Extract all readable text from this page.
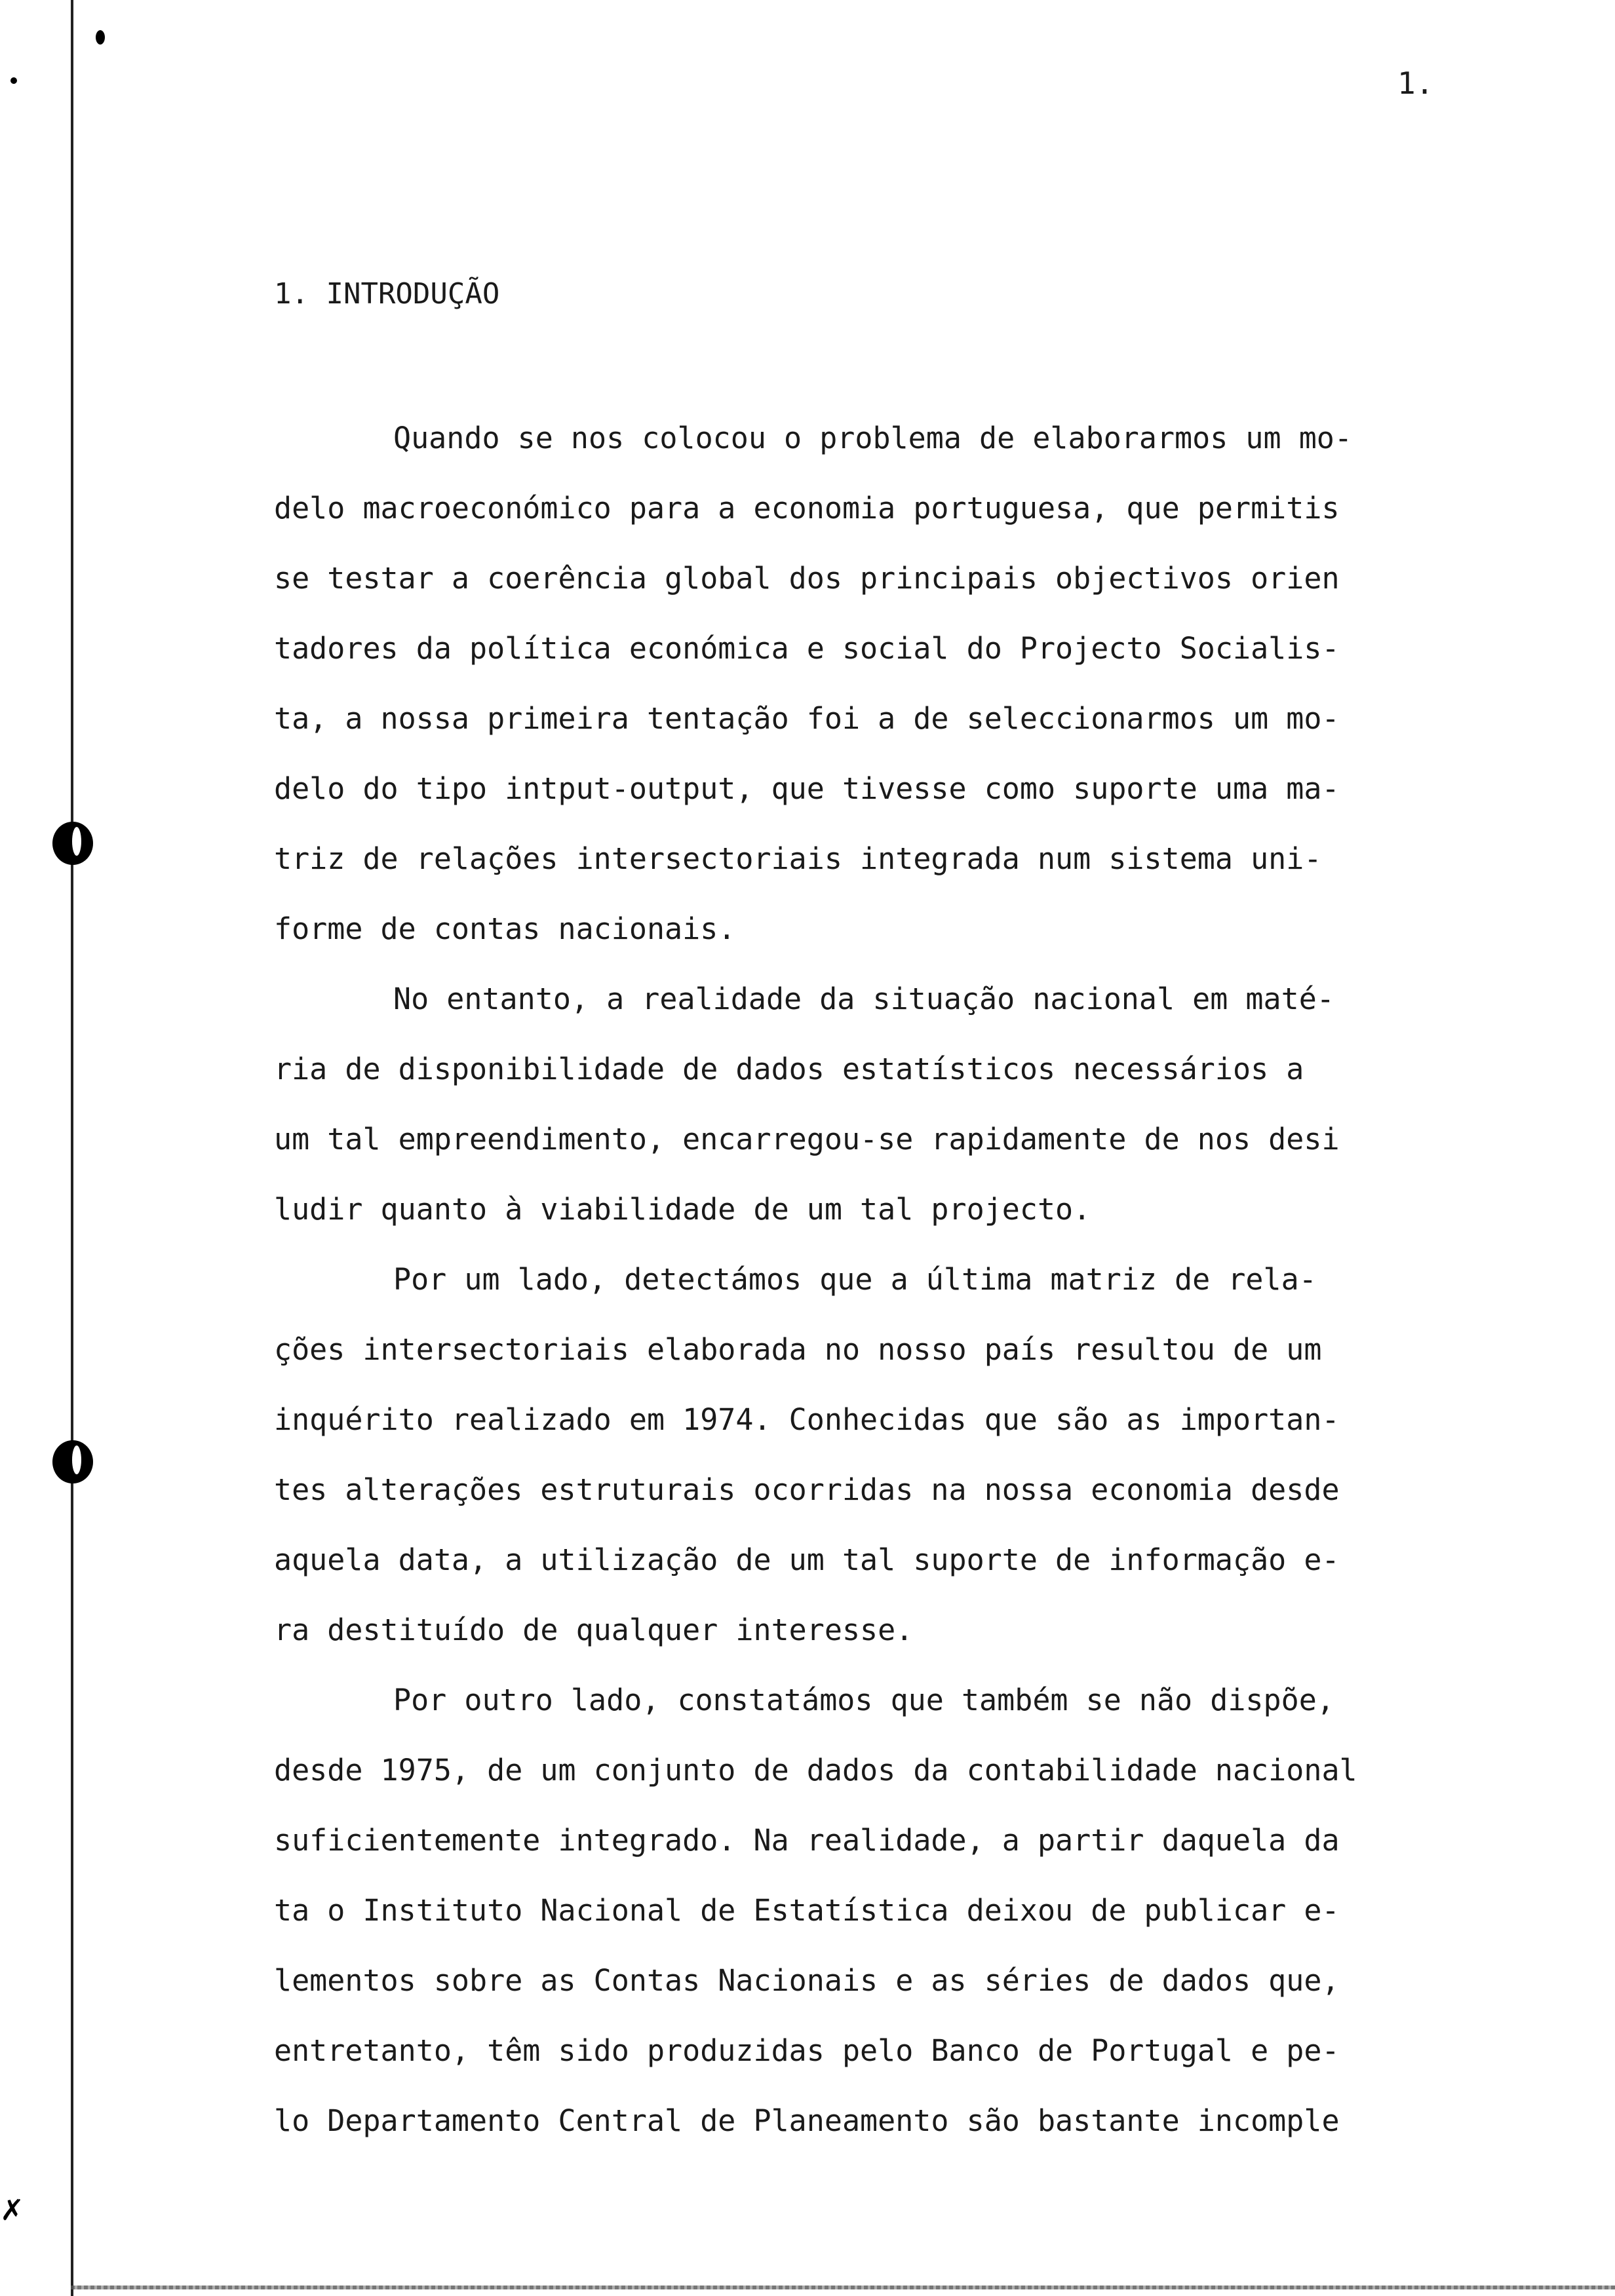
✗
1.
1. INTRODUÇÃO
Quando se nos colocou o problema de elaborarmos um mo-
delo macroeconómico para a economia portuguesa, que permitis
se testar a coerência global dos principais objectivos orien
tadores da política económica e social do Projecto Socialis-
ta, a nossa primeira tentação foi a de seleccionarmos um mo-
delo do tipo intput-output, que tivesse como suporte uma ma-
triz de relações intersectoriais integrada num sistema uni-
forme de contas nacionais.
No entanto, a realidade da situação nacional em maté-
ria de disponibilidade de dados estatísticos necessários a
um tal empreendimento, encarregou-se rapidamente de nos desi
ludir quanto à viabilidade de um tal projecto.
Por um lado, detectámos que a última matriz de rela-
ções intersectoriais elaborada no nosso país resultou de um
inquérito realizado em 1974. Conhecidas que são as importan-
tes alterações estruturais ocorridas na nossa economia desde
aquela data, a utilização de um tal suporte de informação e-
ra destituído de qualquer interesse.
Por outro lado, constatámos que também se não dispõe,
desde 1975, de um conjunto de dados da contabilidade nacional
suficientemente integrado. Na realidade, a partir daquela da
ta o Instituto Nacional de Estatística deixou de publicar e-
lementos sobre as Contas Nacionais e as séries de dados que,
entretanto, têm sido produzidas pelo Banco de Portugal e pe-
lo Departamento Central de Planeamento são bastante incomple
